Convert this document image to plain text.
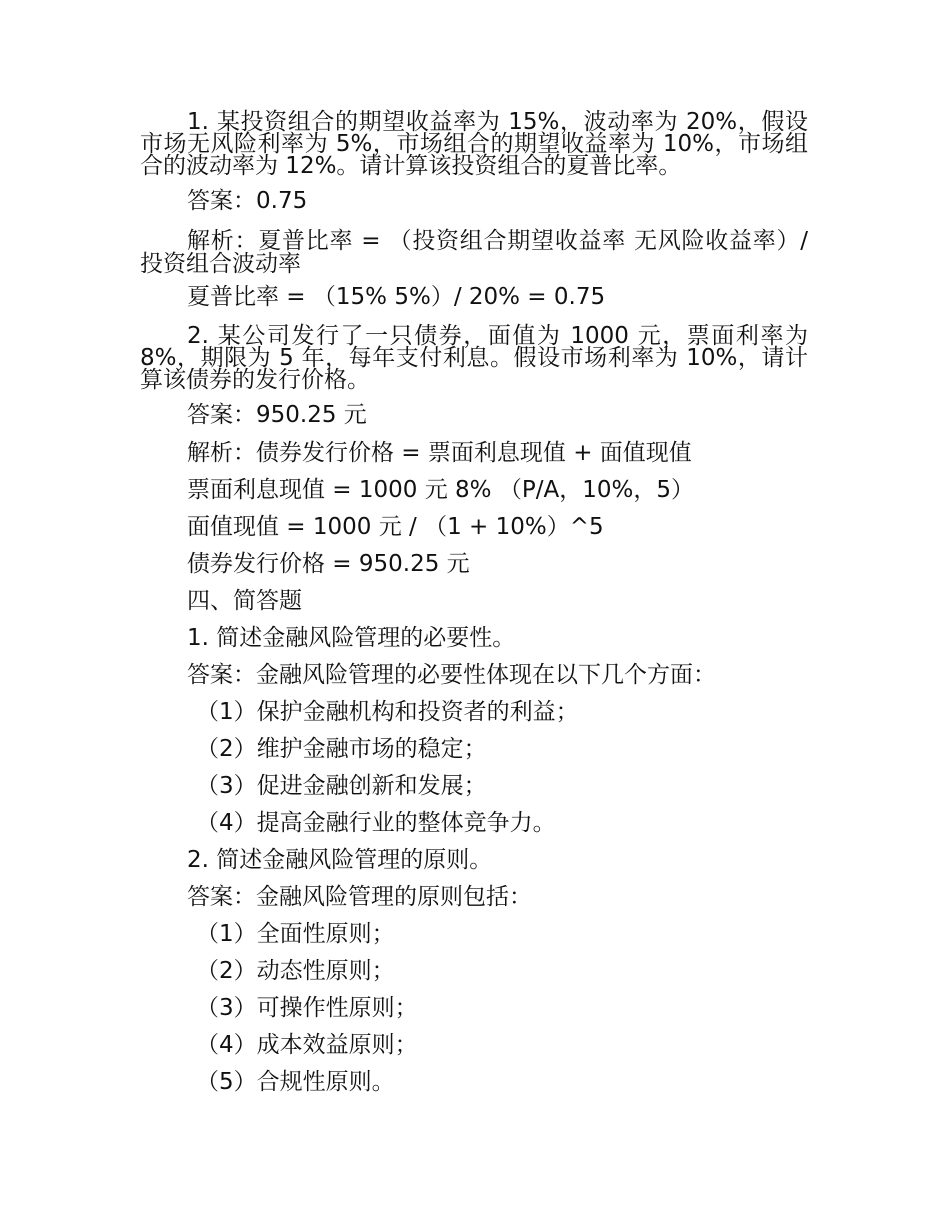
1. 某投资组合的期望收益率为 15%，波动率为 20%，假设市场无风险利率为 5%，市场组合的期望收益率为 10%，市场组合的波动率为 12%。请计算该投资组合的夏普比率。
答案：0.75
解析：夏普比率 = （投资组合期望收益率 无风险收益率）/ 投资组合波动率
夏普比率 = （15% 5%）/ 20% = 0.75
2. 某公司发行了一只债券，面值为 1000 元，票面利率为 8%，期限为 5 年，每年支付利息。假设市场利率为 10%，请计算该债券的发行价格。
答案：950.25 元
解析：债券发行价格 = 票面利息现值 + 面值现值
票面利息现值 = 1000 元 8% （P/A，10%，5）
面值现值 = 1000 元 / （1 + 10%）^5
债券发行价格 = 950.25 元
四、简答题
1. 简述金融风险管理的必要性。
答案：金融风险管理的必要性体现在以下几个方面：
（1）保护金融机构和投资者的利益；
（2）维护金融市场的稳定；
（3）促进金融创新和发展；
（4）提高金融行业的整体竞争力。
2. 简述金融风险管理的原则。
答案：金融风险管理的原则包括：
（1）全面性原则；
（2）动态性原则；
（3）可操作性原则；
（4）成本效益原则；
（5）合规性原则。
